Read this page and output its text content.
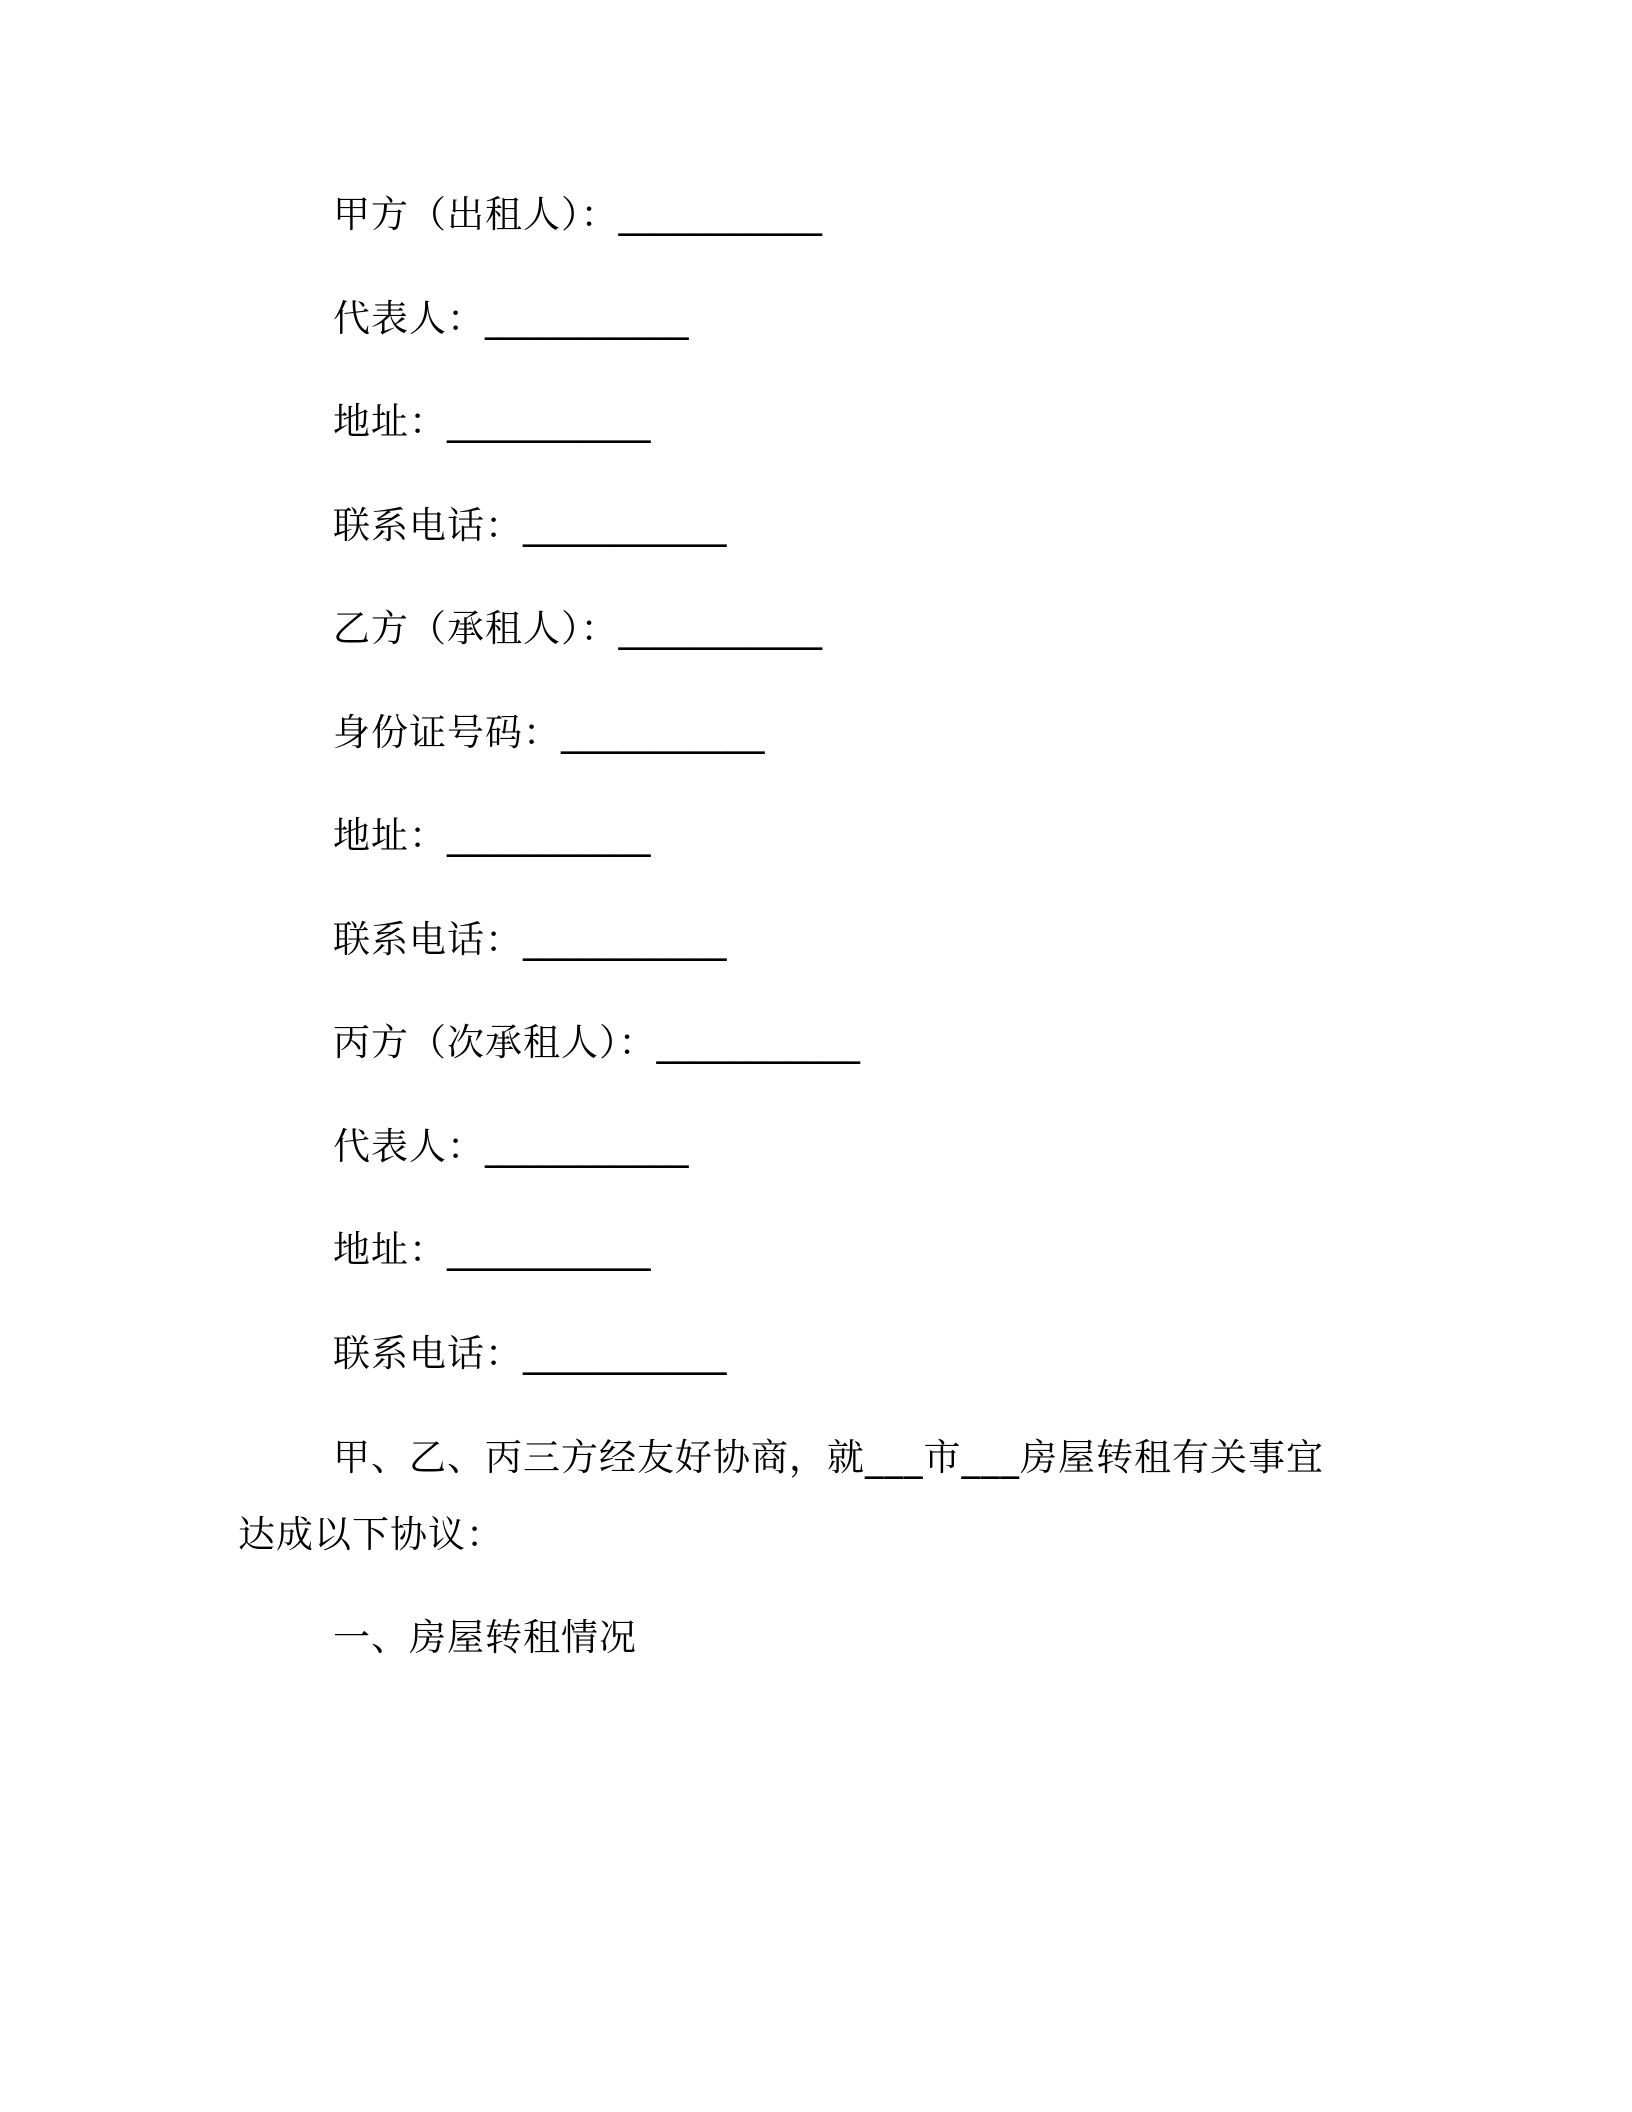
甲方（出租人）：___________
代表人：___________
地址：___________
联系电话：___________
乙方（承租人）：___________
身份证号码：___________
地址：___________
联系电话：___________
丙方（次承租人）：___________
代表人：___________
地址：___________
联系电话：___________
甲、乙、丙三方经友好协商，就___市___房屋转租有关事宜达成以下协议：
一、房屋转租情况
